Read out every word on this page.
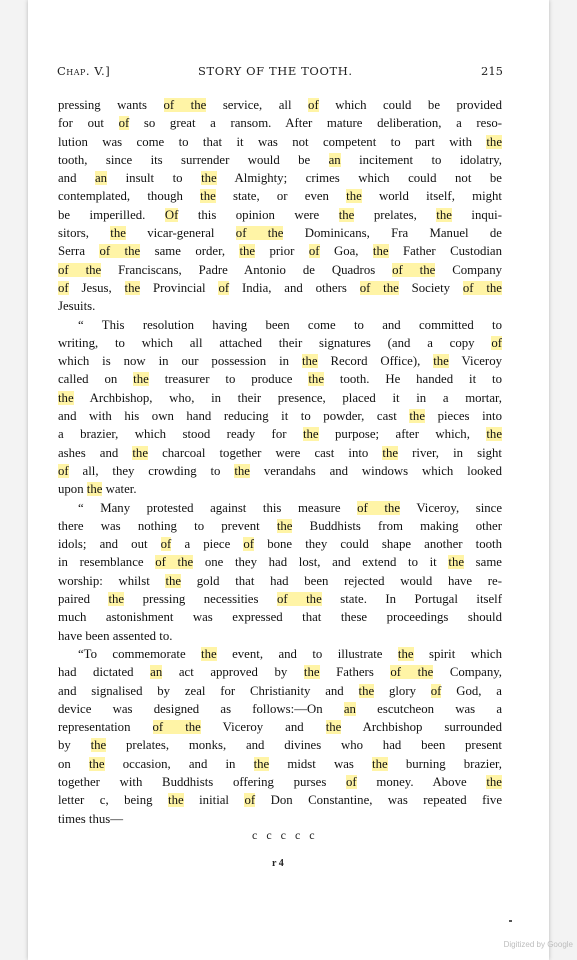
Chap. V.]	STORY OF THE TOOTH.	215
pressing wants of the service, all of which could be provided
for out of so great a ransom. After mature deliberation, a reso-
lution was come to that it was not competent to part with the
tooth, since its surrender would be an incitement to idolatry,
and an insult to the Almighty; crimes which could not be
contemplated, though the state, or even the world itself, might
be imperilled. Of this opinion were the prelates, the inqui-
sitors, the vicar-general of the Dominicans, Fra Manuel de
Serra of the same order, the prior of Goa, the Father Custodian
of the Franciscans, Padre Antonio de Quadros of the Company
of Jesus, the Provincial of India, and others of the Society of the
Jesuits.
“ This resolution having been come to and committed to
writing, to which all attached their signatures (and a copy of
which is now in our possession in the Record Office), the Viceroy
called on the treasurer to produce the tooth. He handed it to
the Archbishop, who, in their presence, placed it in a mortar,
and with his own hand reducing it to powder, cast the pieces into
a brazier, which stood ready for the purpose; after which, the
ashes and the charcoal together were cast into the river, in sight
of all, they crowding to the verandahs and windows which looked
upon the water.
“ Many protested against this measure of the Viceroy, since
there was nothing to prevent the Buddhists from making other
idols; and out of a piece of bone they could shape another tooth
in resemblance of the one they had lost, and extend to it the same
worship: whilst the gold that had been rejected would have re-
paired the pressing necessities of the state. In Portugal itself
much astonishment was expressed that these proceedings should
have been assented to.
“To commemorate the event, and to illustrate the spirit which
had dictated an act approved by the Fathers of the Company,
and signalised by zeal for Christianity and the glory of God, a
device was designed as follows:—On an escutcheon was a
representation of the Viceroy and the Archbishop surrounded
by the prelates, monks, and divines who had been present
on the occasion, and in the midst was the burning brazier,
together with Buddhists offering purses of money. Above the
letter c, being the initial of Don Constantine, was repeated five
times thus—
c c c c c
r 4
Digitized by Google
